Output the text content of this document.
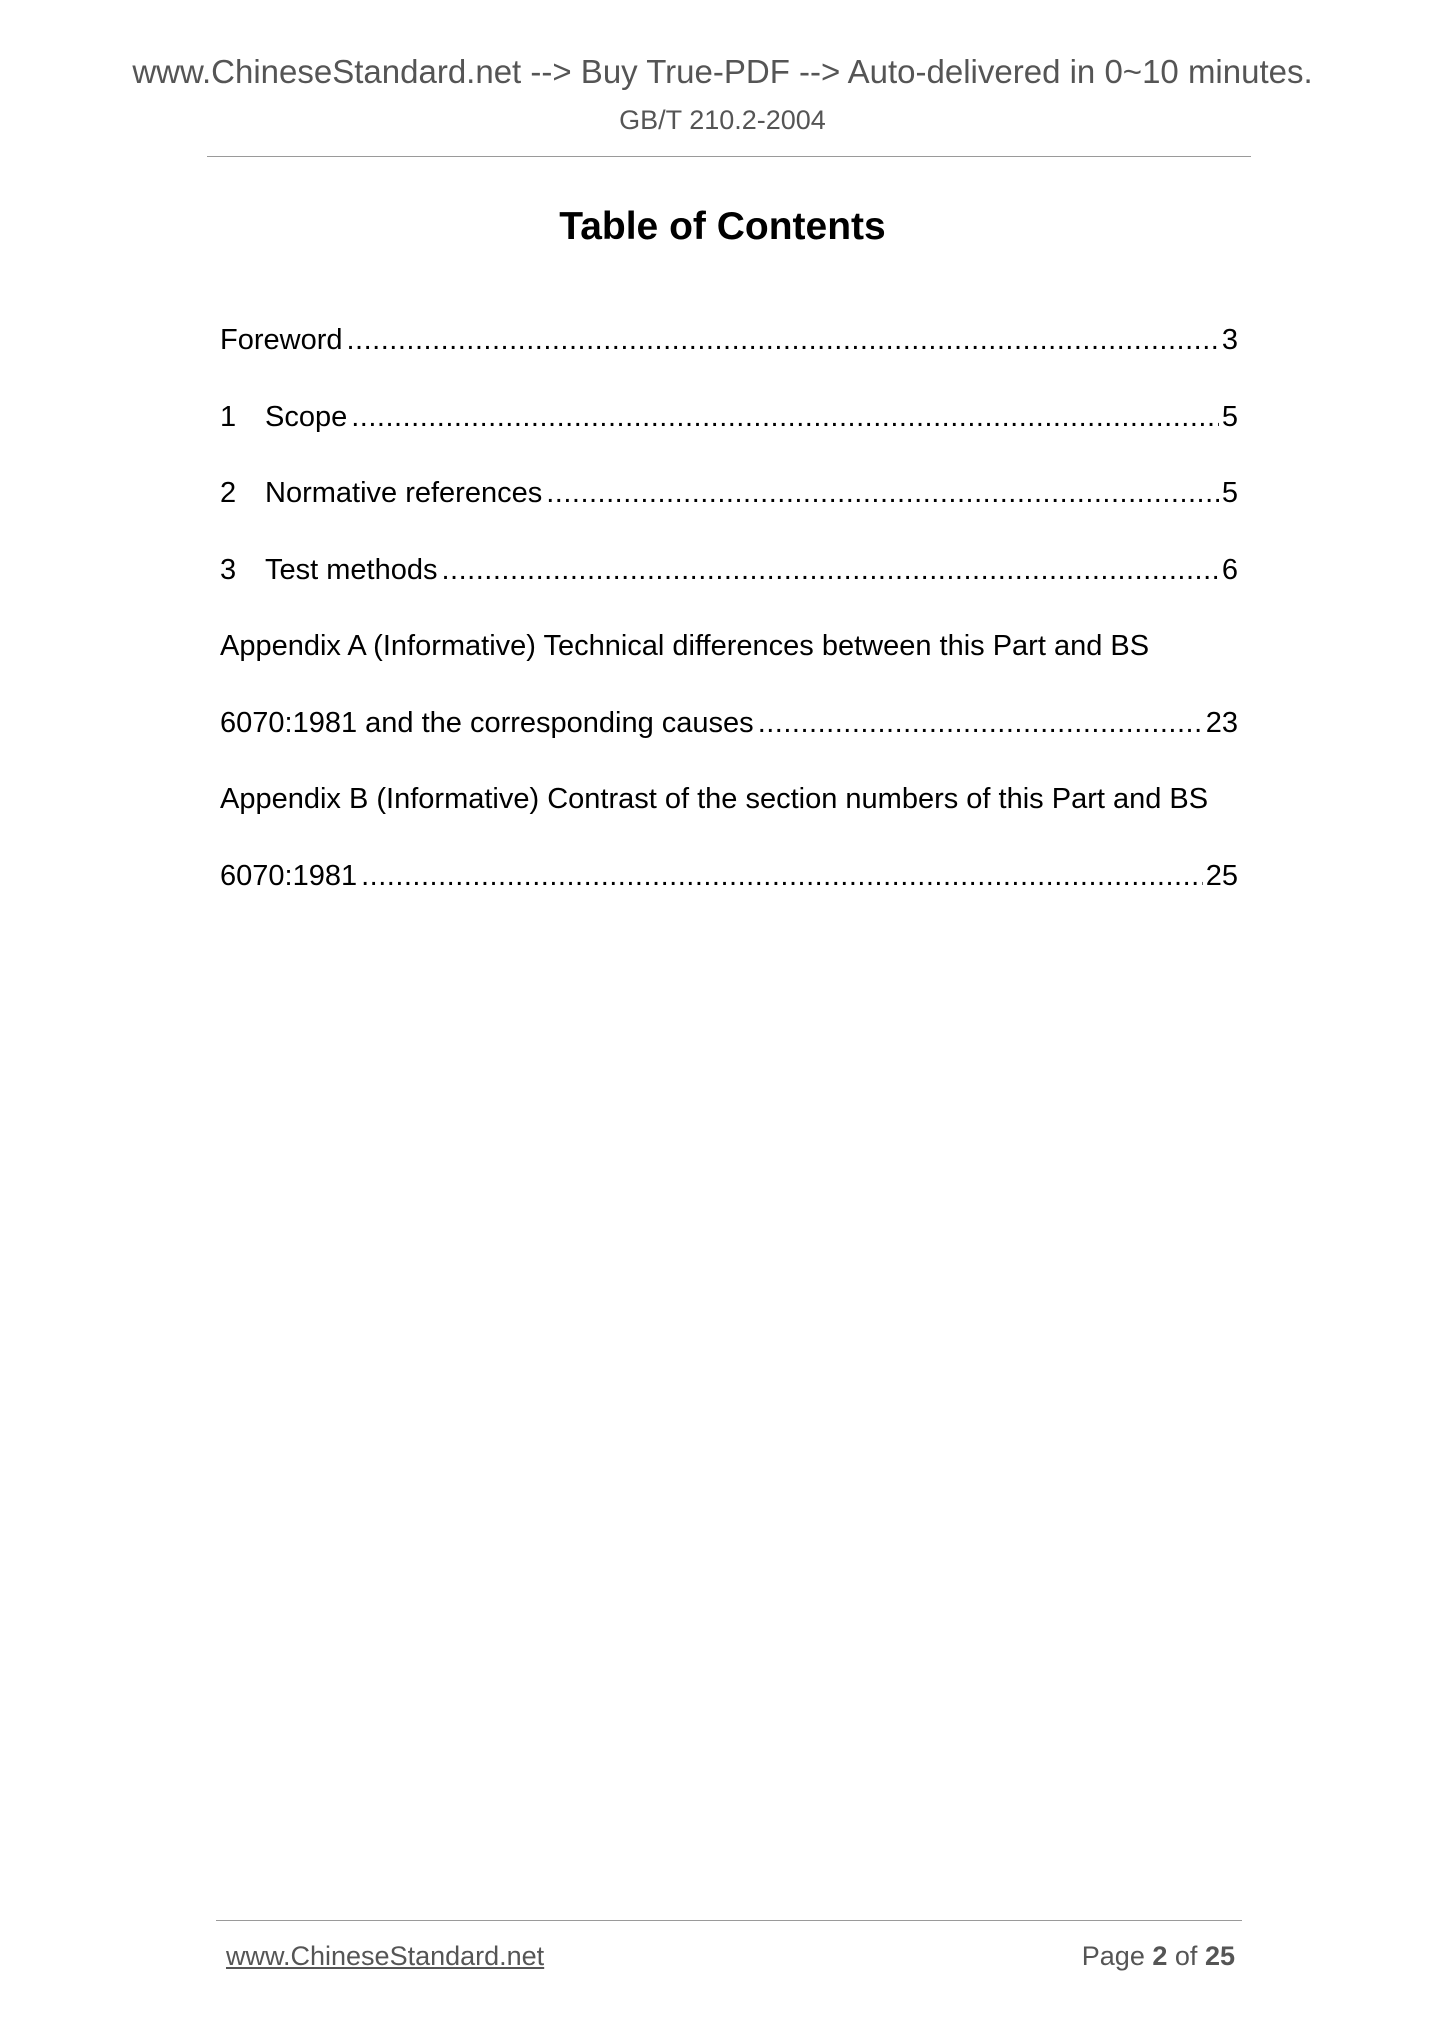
www.ChineseStandard.net --> Buy True-PDF --> Auto-delivered in 0~10 minutes.
GB/T 210.2-2004
Table of Contents
Foreword .....	3
1 Scope .....	5
2 Normative references .....	5
3 Test methods .....	6
Appendix A (Informative) Technical differences between this Part and BS
6070:1981 and the corresponding causes .....	23
Appendix B (Informative) Contrast of the section numbers of this Part and BS
6070:1981 .....	25
www.ChineseStandard.net	Page 2 of 25
